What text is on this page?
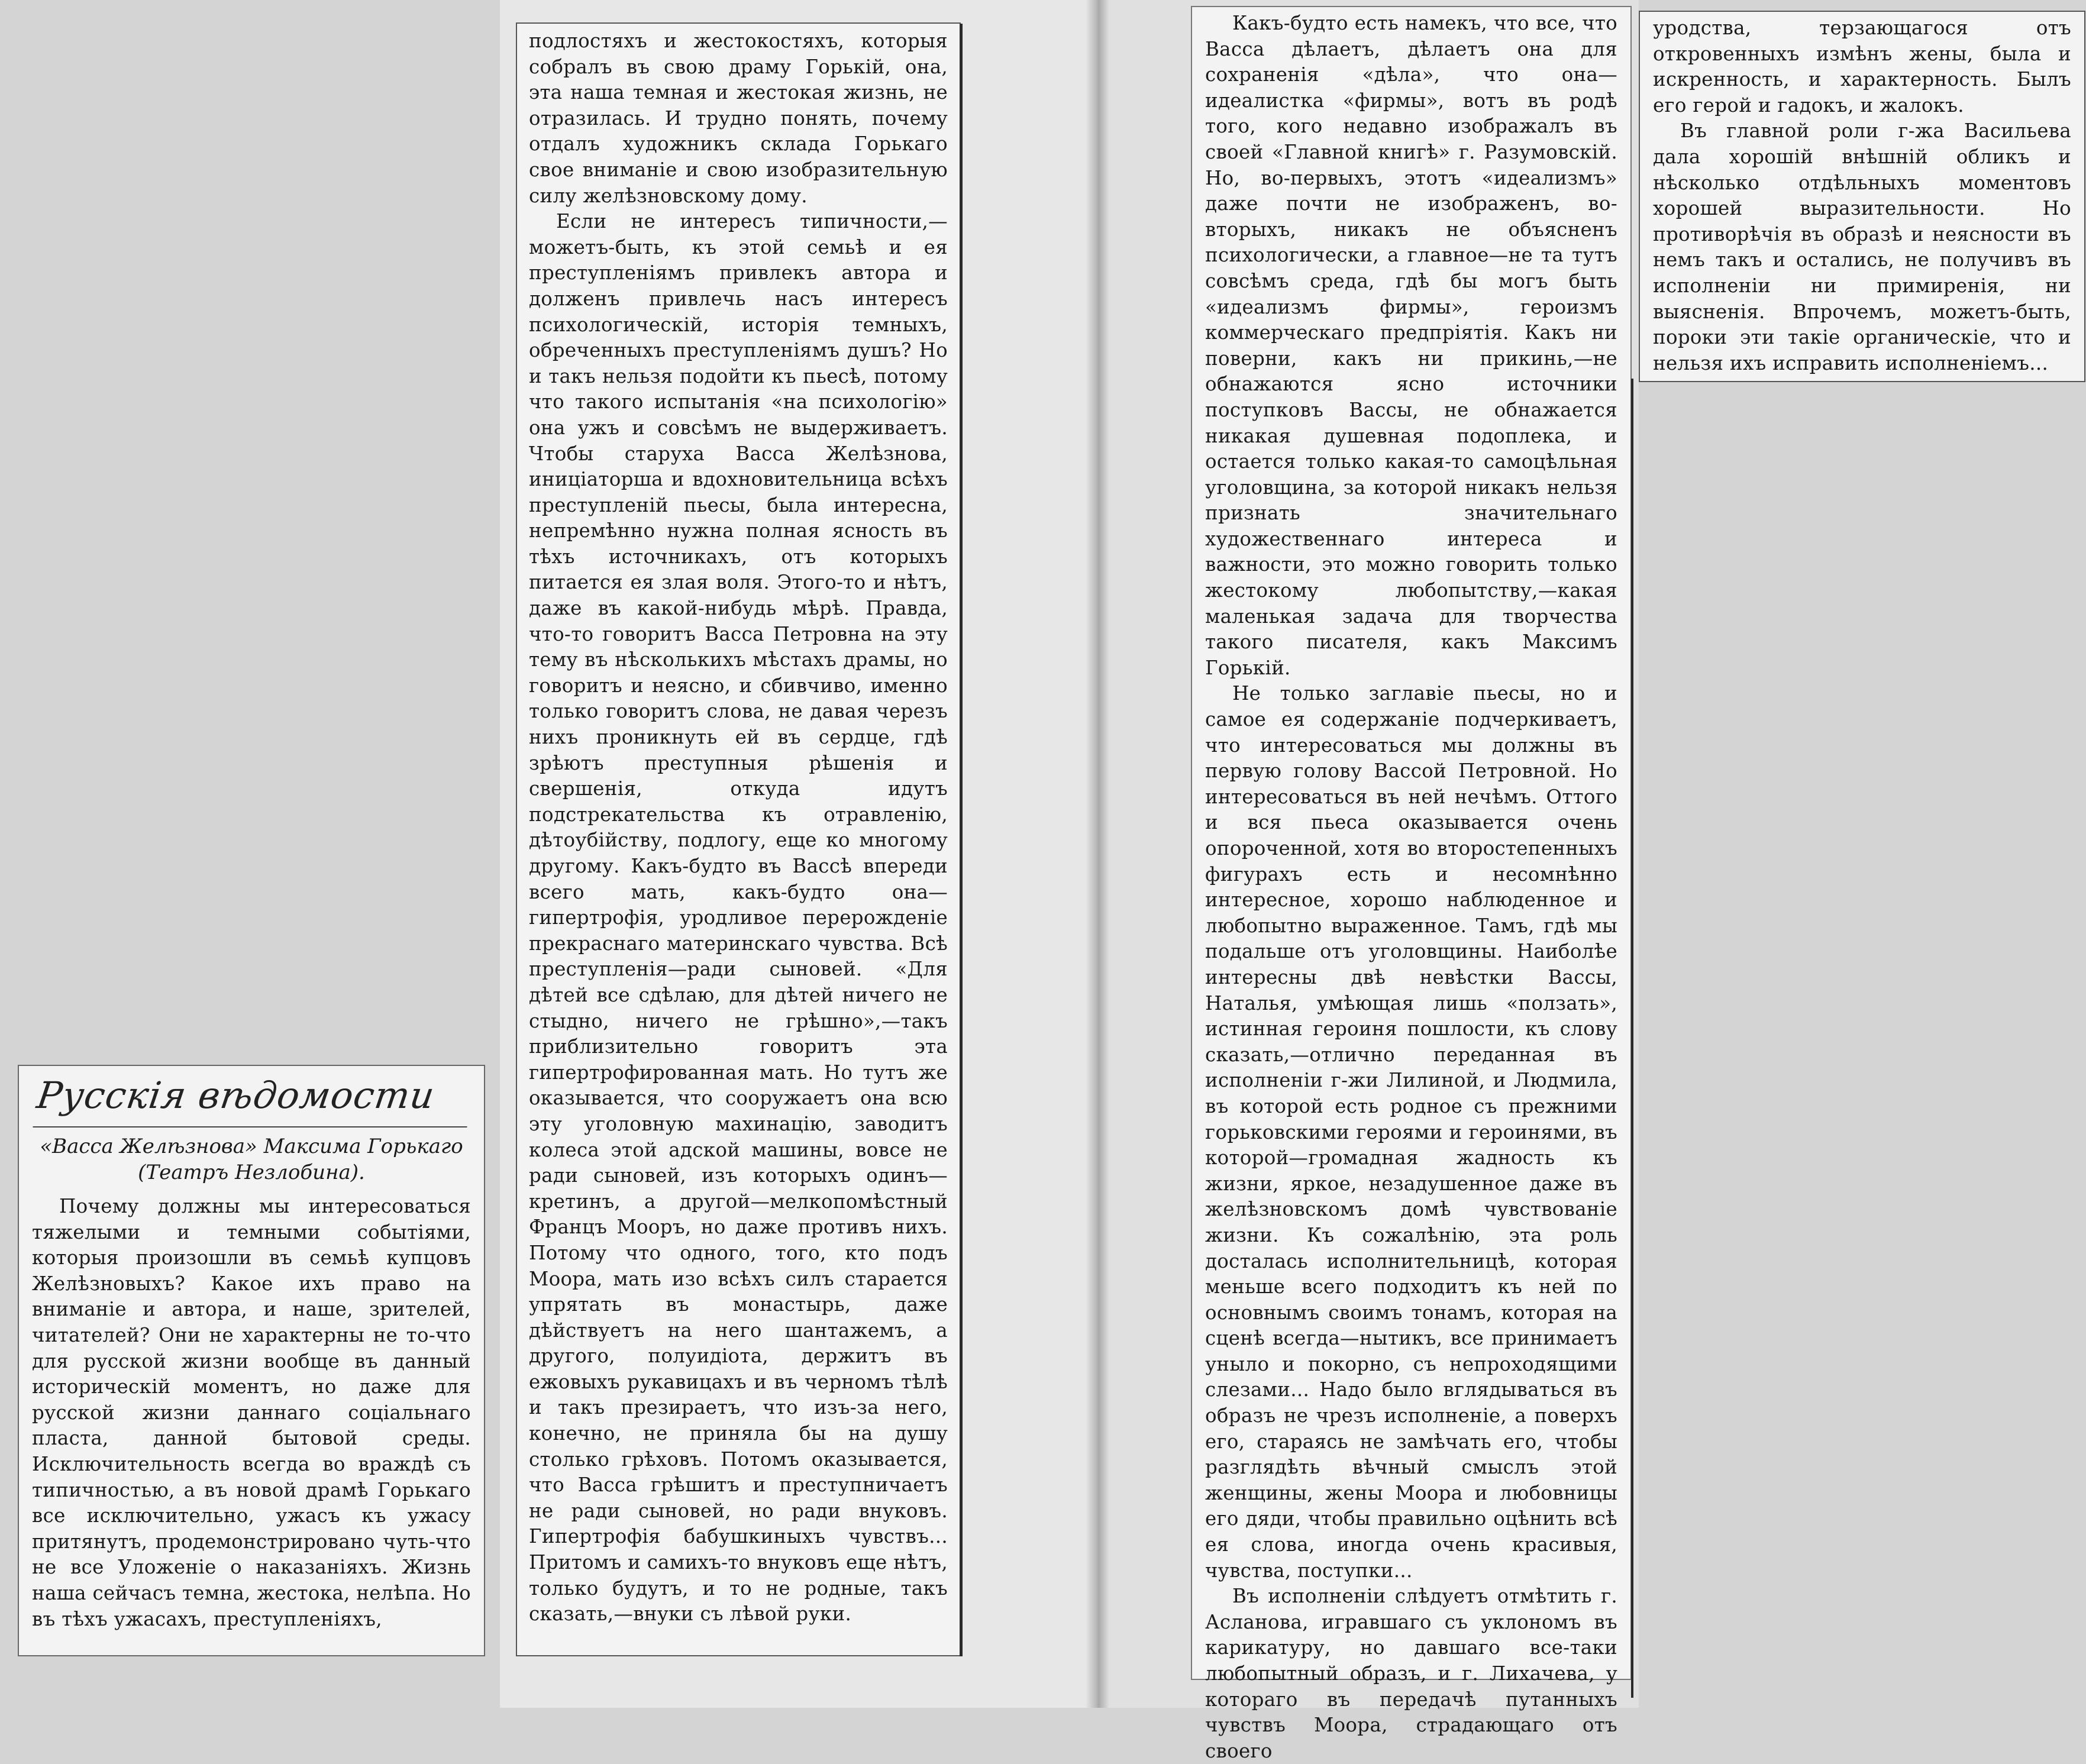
Русскія вѣдомости
«Васса Желѣзнова» Максима Горькаго (Театръ Незлобина).

Почему должны мы интересоваться тяжелыми и темными событіями, которыя произошли въ семьѣ купцовъ Желѣзновыхъ? Какое ихъ право на вниманіе и автора, и наше, зрителей, читателей? Они не характерны не то-что для русской жизни вообще въ данный историческій моментъ, но даже для русской жизни даннаго соціальнаго пласта, данной бытовой среды. Исключительность всегда во враждѣ съ типичностью, а въ новой драмѣ Горькаго все исключительно, ужасъ къ ужасу притянутъ, продемонстрировано чуть-что не все Уложеніе о наказаніяхъ. Жизнь наша сейчасъ темна, жестока, нелѣпа. Но въ тѣхъ ужасахъ, преступленіяхъ,

подлостяхъ и жестокостяхъ, которыя собралъ въ свою драму Горькій, она, эта наша темная и жестокая жизнь, не отразилась. И трудно понять, почему отдалъ художникъ склада Горькаго свое вниманіе и свою изобразительную силу желѣзновскому дому.

Если не интересъ типичности,—можетъ-быть, къ этой семьѣ и ея преступленіямъ привлекъ автора и долженъ привлечь насъ интересъ психологическій, исторія темныхъ, обреченныхъ преступленіямъ душъ? Но и такъ нельзя подойти къ пьесѣ, потому что такого испытанія «на психологію» она ужъ и совсѣмъ не выдерживаетъ. Чтобы старуха Васса Желѣзнова, иниціаторша и вдохновительница всѣхъ преступленій пьесы, была интересна, непремѣнно нужна полная ясность въ тѣхъ источникахъ, отъ которыхъ питается ея злая воля. Этого-то и нѣтъ, даже въ какой-нибудь мѣрѣ. Правда, что-то говоритъ Васса Петровна на эту тему въ нѣсколькихъ мѣстахъ драмы, но говоритъ и неясно, и сбивчиво, именно только говоритъ слова, не давая черезъ нихъ проникнуть ей въ сердце, гдѣ зрѣютъ преступныя рѣшенія и свершенія, откуда идутъ подстрекательства къ отравленію, дѣтоубійству, подлогу, еще ко многому другому. Какъ-будто въ Вассѣ впереди всего мать, какъ-будто она—гипертрофія, уродливое перерожденіе прекраснаго материнскаго чувства. Всѣ преступленія—ради сыновей. «Для дѣтей все сдѣлаю, для дѣтей ничего не стыдно, ничего не грѣшно»,—такъ приблизительно говоритъ эта гипертрофированная мать. Но тутъ же оказывается, что сооружаетъ она всю эту уголовную махинацію, заводитъ колеса этой адской машины, вовсе не ради сыновей, изъ которыхъ одинъ—кретинъ, а другой—мелкопомѣстный Францъ Мооръ, но даже противъ нихъ. Потому что одного, того, кто подъ Моора, мать изо всѣхъ силъ старается упрятать въ монастырь, даже дѣйствуетъ на него шантажемъ, а другого, полуидіота, держитъ въ ежовыхъ рукавицахъ и въ черномъ тѣлѣ и такъ презираетъ, что изъ-за него, конечно, не приняла бы на душу столько грѣховъ. Потомъ оказывается, что Васса грѣшитъ и преступничаетъ не ради сыновей, но ради внуковъ. Гипертрофія бабушкиныхъ чувствъ... Притомъ и самихъ-то внуковъ еще нѣтъ, только будутъ, и то не родные, такъ сказать,—внуки съ лѣвой руки.

Какъ-будто есть намекъ, что все, что Васса дѣлаетъ, дѣлаетъ она для сохраненія «дѣла», что она—идеалистка «фирмы», вотъ въ родѣ того, кого недавно изображалъ въ своей «Главной книгѣ» г. Разумовскій. Но, во-первыхъ, этотъ «идеализмъ» даже почти не изображенъ, во-вторыхъ, никакъ не объясненъ психологически, а главное—не та тутъ совсѣмъ среда, гдѣ бы могъ быть «идеализмъ фирмы», героизмъ коммерческаго предпріятія. Какъ ни поверни, какъ ни прикинь,—не обнажаются ясно источники поступковъ Вассы, не обнажается никакая душевная подоплека, и остается только какая-то самоцѣльная уголовщина, за которой никакъ нельзя признать значительнаго художественнаго интереса и важности, это можно говорить только жестокому любопытству,—какая маленькая задача для творчества такого писателя, какъ Максимъ Горькій.

Не только заглавіе пьесы, но и самое ея содержаніе подчеркиваетъ, что интересоваться мы должны въ первую голову Вассой Петровной. Но интересоваться въ ней нечѣмъ. Оттого и вся пьеса оказывается очень опороченной, хотя во второстепенныхъ фигурахъ есть и несомнѣнно интересное, хорошо наблюденное и любопытно выраженное. Тамъ, гдѣ мы подальше отъ уголовщины. Наиболѣе интересны двѣ невѣстки Вассы, Наталья, умѣющая лишь «ползать», истинная героиня пошлости, къ слову сказать,—отлично переданная въ исполненіи г-жи Лилиной, и Людмила, въ которой есть родное съ прежними горьковскими героями и героинями, въ которой—громадная жадность къ жизни, яркое, незадушенное даже въ желѣзновскомъ домѣ чувствованіе жизни. Къ сожалѣнію, эта роль досталась исполнительницѣ, которая меньше всего подходитъ къ ней по основнымъ своимъ тонамъ, которая на сценѣ всегда—нытикъ, все принимаетъ уныло и покорно, съ непроходящими слезами... Надо было вглядываться въ образъ не чрезъ исполненіе, а поверхъ его, стараясь не замѣчать его, чтобы разглядѣть вѣчный смыслъ этой женщины, жены Моора и любовницы его дяди, чтобы правильно оцѣнить всѣ ея слова, иногда очень красивыя, чувства, поступки...

Въ исполненіи слѣдуетъ отмѣтить г. Асланова, игравшаго съ уклономъ въ карикатуру, но давшаго все-таки любопытный образъ, и г. Лихачева, у котораго въ передачѣ путанныхъ чувствъ Моора, страдающаго отъ своего

уродства, терзающагося отъ откровенныхъ измѣнъ жены, была и искренность, и характерность. Былъ его герой и гадокъ, и жалокъ.

Въ главной роли г-жа Васильева дала хорошій внѣшній обликъ и нѣсколько отдѣльныхъ моментовъ хорошей выразительности. Но противорѣчія въ образѣ и неясности въ немъ такъ и остались, не получивъ въ исполненіи ни примиренія, ни выясненія. Впрочемъ, можетъ-быть, пороки эти такіе органическіе, что и нельзя ихъ исправить исполненіемъ...
